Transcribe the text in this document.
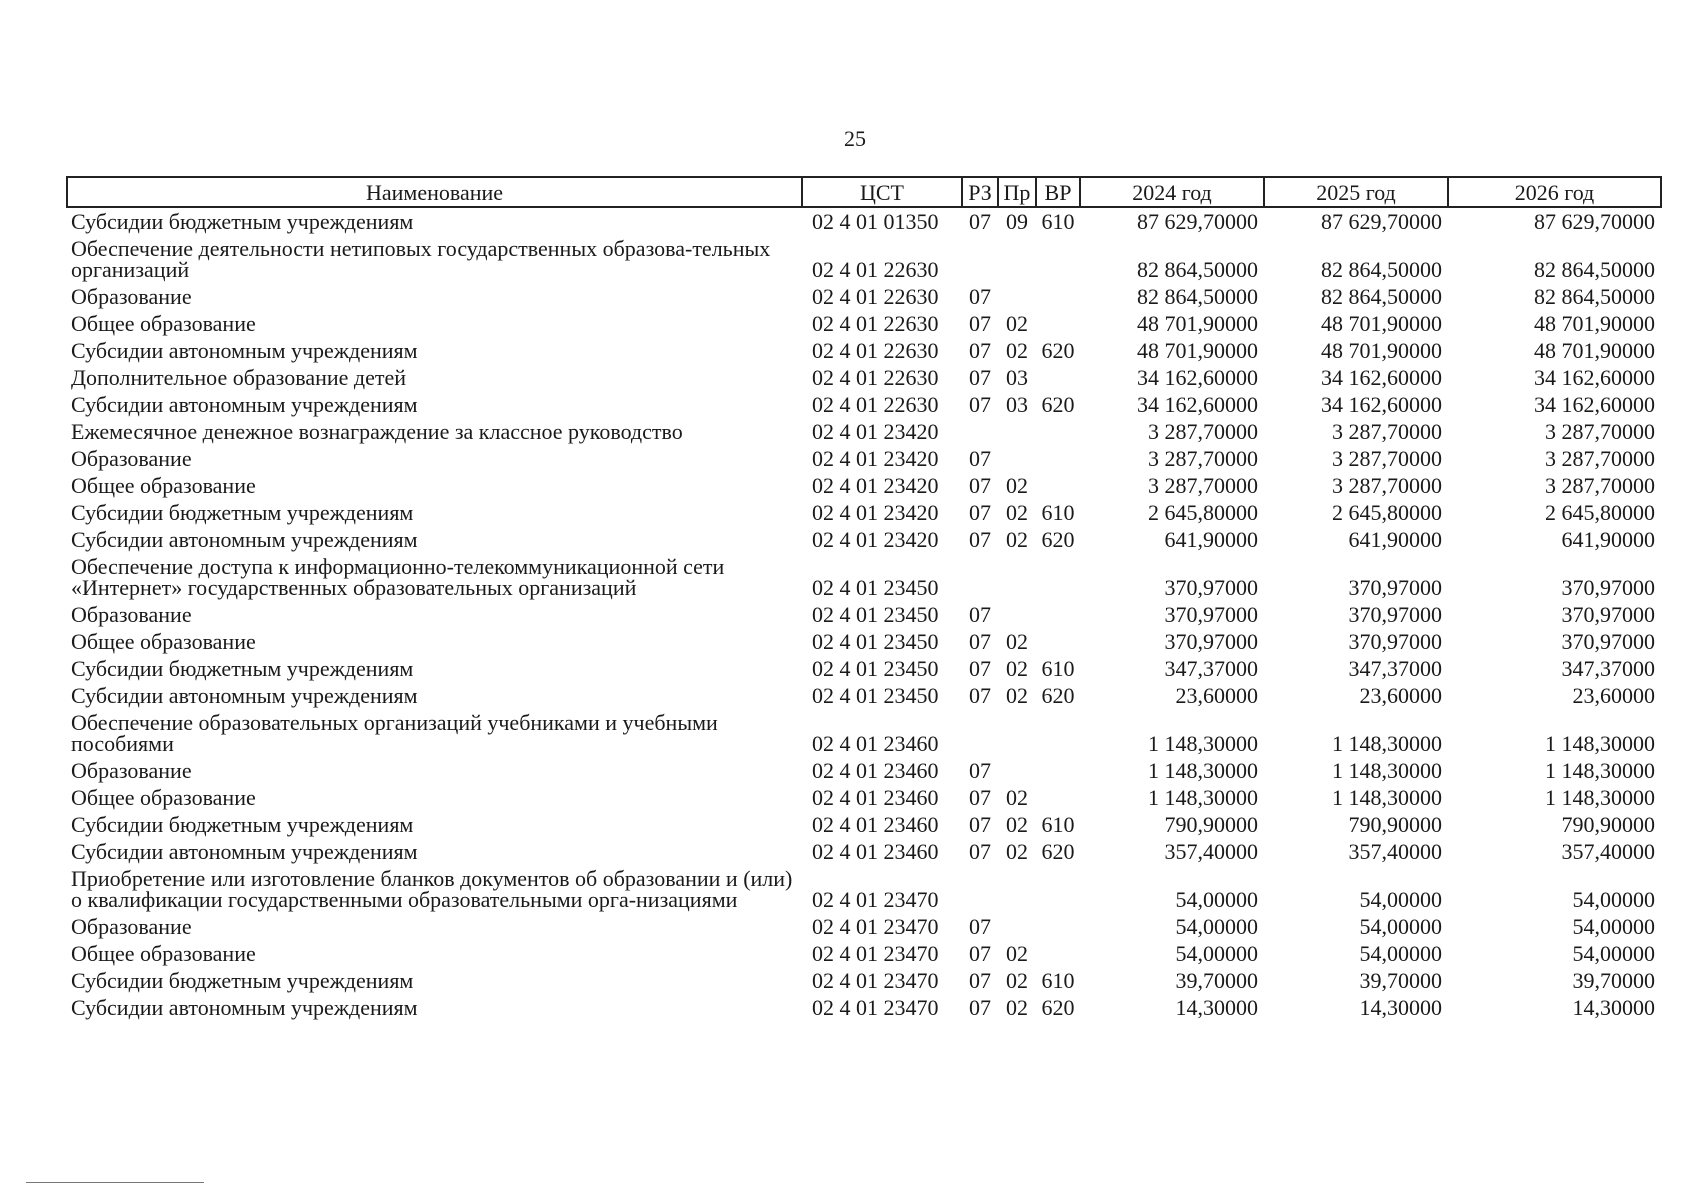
25
Наименование	ЦСТ	РЗ	Пр	ВР	2024 год	2025 год	2026 год
Субсидии бюджетным учреждениям	02 4 01 01350	07	09	610	87 629,70000	87 629,70000	87 629,70000
Обеспечение деятельности нетиповых государственных образова-тельных организаций	02 4 01 22630				82 864,50000	82 864,50000	82 864,50000
Образование	02 4 01 22630	07			82 864,50000	82 864,50000	82 864,50000
Общее образование	02 4 01 22630	07	02		48 701,90000	48 701,90000	48 701,90000
Субсидии автономным учреждениям	02 4 01 22630	07	02	620	48 701,90000	48 701,90000	48 701,90000
Дополнительное образование детей	02 4 01 22630	07	03		34 162,60000	34 162,60000	34 162,60000
Субсидии автономным учреждениям	02 4 01 22630	07	03	620	34 162,60000	34 162,60000	34 162,60000
Ежемесячное денежное вознаграждение за классное руководство	02 4 01 23420				3 287,70000	3 287,70000	3 287,70000
Образование	02 4 01 23420	07			3 287,70000	3 287,70000	3 287,70000
Общее образование	02 4 01 23420	07	02		3 287,70000	3 287,70000	3 287,70000
Субсидии бюджетным учреждениям	02 4 01 23420	07	02	610	2 645,80000	2 645,80000	2 645,80000
Субсидии автономным учреждениям	02 4 01 23420	07	02	620	641,90000	641,90000	641,90000
Обеспечение доступа к информационно-телекоммуникационной сети «Интернет» государственных образовательных организаций	02 4 01 23450				370,97000	370,97000	370,97000
Образование	02 4 01 23450	07			370,97000	370,97000	370,97000
Общее образование	02 4 01 23450	07	02		370,97000	370,97000	370,97000
Субсидии бюджетным учреждениям	02 4 01 23450	07	02	610	347,37000	347,37000	347,37000
Субсидии автономным учреждениям	02 4 01 23450	07	02	620	23,60000	23,60000	23,60000
Обеспечение образовательных организаций учебниками и учебными пособиями	02 4 01 23460				1 148,30000	1 148,30000	1 148,30000
Образование	02 4 01 23460	07			1 148,30000	1 148,30000	1 148,30000
Общее образование	02 4 01 23460	07	02		1 148,30000	1 148,30000	1 148,30000
Субсидии бюджетным учреждениям	02 4 01 23460	07	02	610	790,90000	790,90000	790,90000
Субсидии автономным учреждениям	02 4 01 23460	07	02	620	357,40000	357,40000	357,40000
Приобретение или изготовление бланков документов об образовании и (или) о квалификации государственными образовательными орга-низациями	02 4 01 23470				54,00000	54,00000	54,00000
Образование	02 4 01 23470	07			54,00000	54,00000	54,00000
Общее образование	02 4 01 23470	07	02		54,00000	54,00000	54,00000
Субсидии бюджетным учреждениям	02 4 01 23470	07	02	610	39,70000	39,70000	39,70000
Субсидии автономным учреждениям	02 4 01 23470	07	02	620	14,30000	14,30000	14,30000
